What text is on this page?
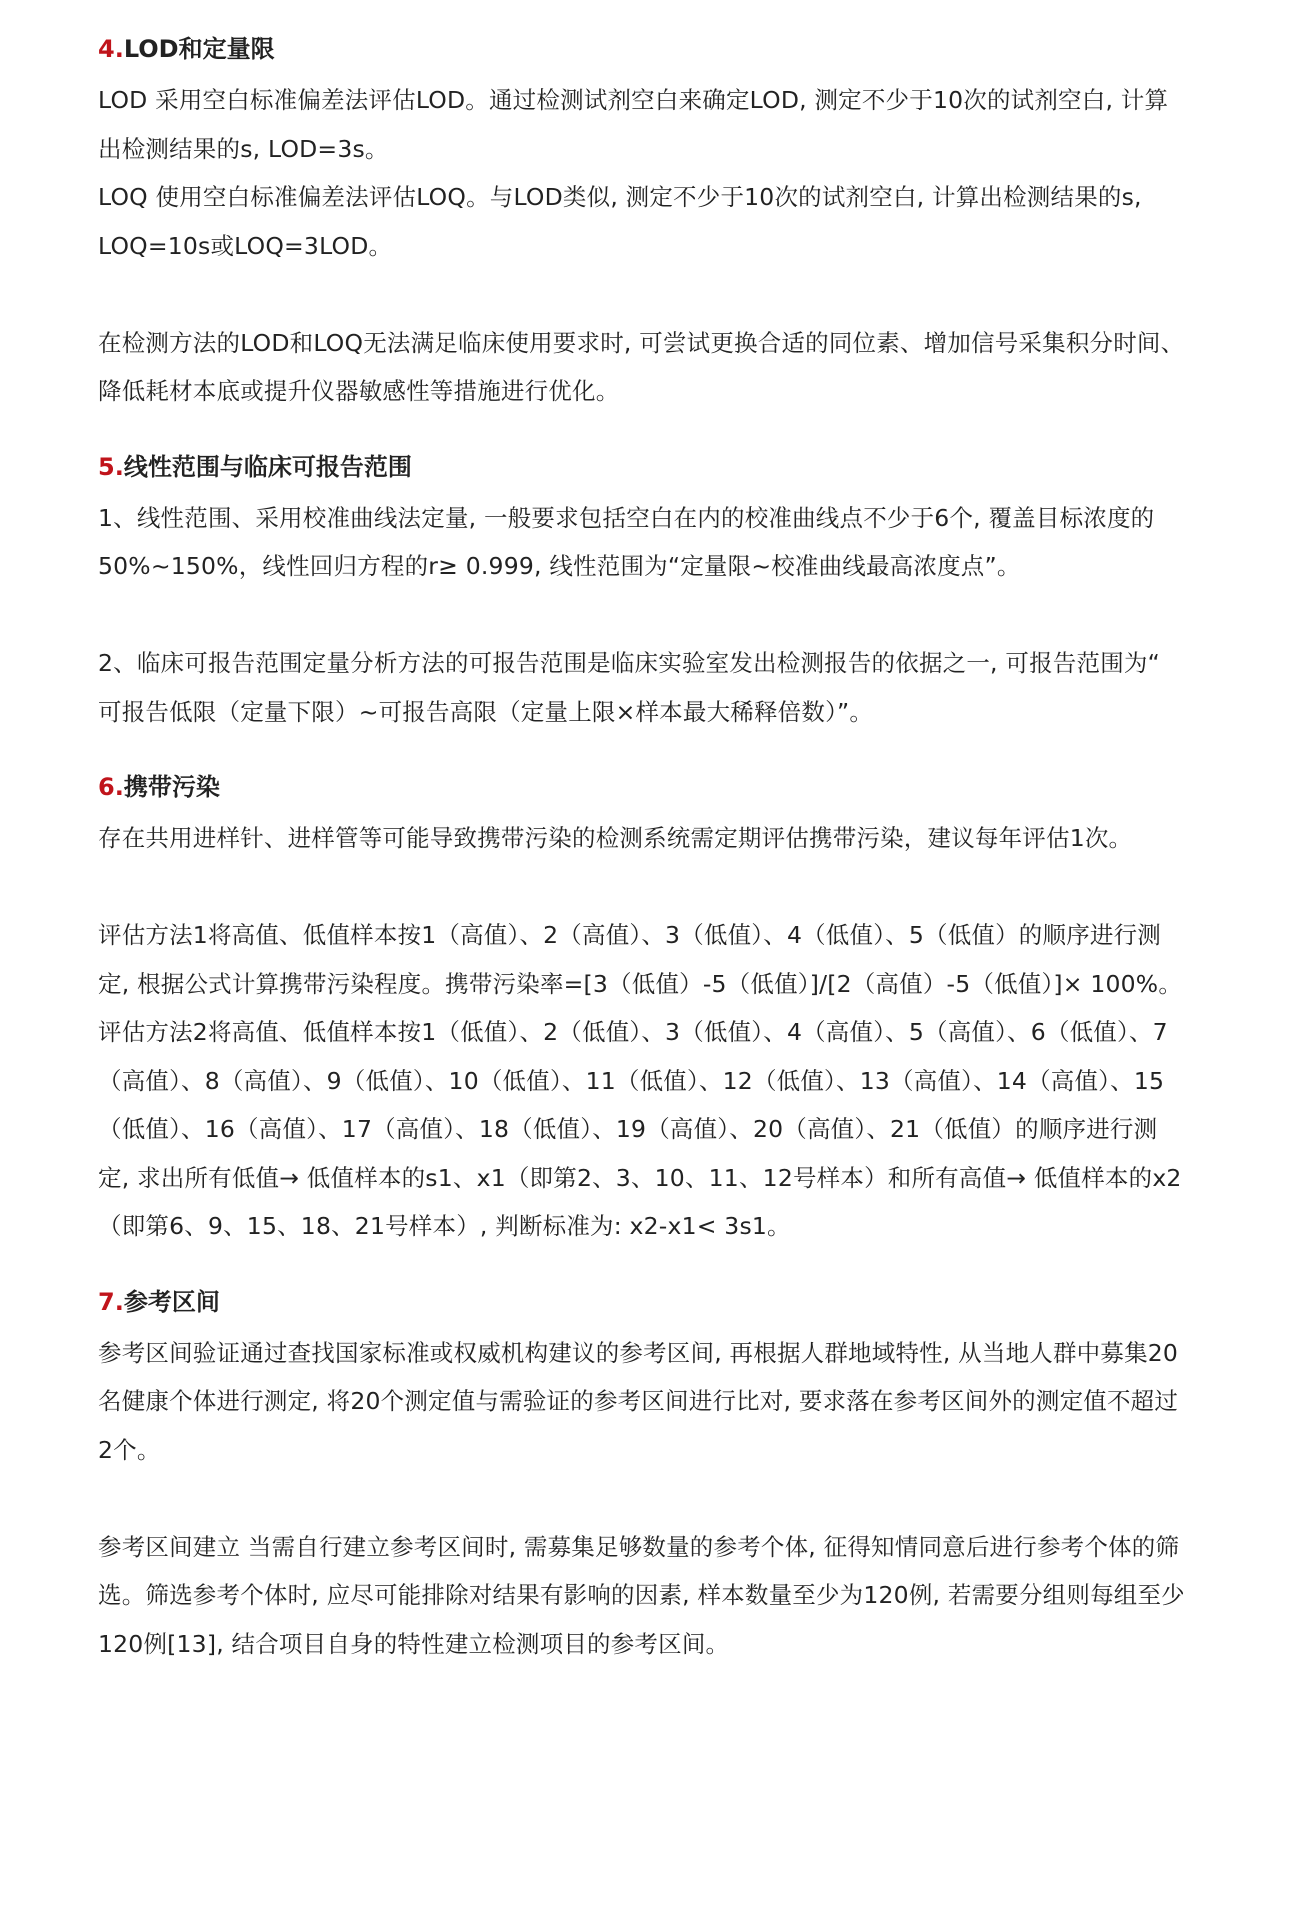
4.LOD和定量限

LOD 采用空白标准偏差法评估LOD。通过检测试剂空白来确定LOD, 测定不少于10次的试剂空白, 计算出检测结果的s, LOD=3s。

LOQ 使用空白标准偏差法评估LOQ。与LOD类似, 测定不少于10次的试剂空白, 计算出检测结果的s, LOQ=10s或LOQ=3LOD。

在检测方法的LOD和LOQ无法满足临床使用要求时, 可尝试更换合适的同位素、增加信号采集积分时间、降低耗材本底或提升仪器敏感性等措施进行优化。

5.线性范围与临床可报告范围

1、线性范围、采用校准曲线法定量, 一般要求包括空白在内的校准曲线点不少于6个, 覆盖目标浓度的50%~150%，线性回归方程的r≥ 0.999, 线性范围为“定量限~校准曲线最高浓度点”。

2、临床可报告范围定量分析方法的可报告范围是临床实验室发出检测报告的依据之一, 可报告范围为“ 可报告低限（定量下限）~可报告高限（定量上限×样本最大稀释倍数）”。

6.携带污染

存在共用进样针、进样管等可能导致携带污染的检测系统需定期评估携带污染，建议每年评估1次。

评估方法1将高值、低值样本按1（高值）、2（高值）、3（低值）、4（低值）、5（低值）的顺序进行测定, 根据公式计算携带污染程度。携带污染率=[3（低值）-5（低值）]/[2（高值）-5（低值）]× 100%。

评估方法2将高值、低值样本按1（低值）、2（低值）、3（低值）、4（高值）、5（高值）、6（低值）、7（高值）、8（高值）、9（低值）、10（低值）、11（低值）、12（低值）、13（高值）、14（高值）、15（低值）、16（高值）、17（高值）、18（低值）、19（高值）、20（高值）、21（低值）的顺序进行测定, 求出所有低值→ 低值样本的s1、x1（即第2、3、10、11、12号样本）和所有高值→ 低值样本的x2（即第6、9、15、18、21号样本）, 判断标准为: x2-x1< 3s1。

7.参考区间

参考区间验证通过查找国家标准或权威机构建议的参考区间, 再根据人群地域特性, 从当地人群中募集20名健康个体进行测定, 将20个测定值与需验证的参考区间进行比对, 要求落在参考区间外的测定值不超过2个。

参考区间建立 当需自行建立参考区间时, 需募集足够数量的参考个体, 征得知情同意后进行参考个体的筛选。筛选参考个体时, 应尽可能排除对结果有影响的因素, 样本数量至少为120例, 若需要分组则每组至少120例[13], 结合项目自身的特性建立检测项目的参考区间。
